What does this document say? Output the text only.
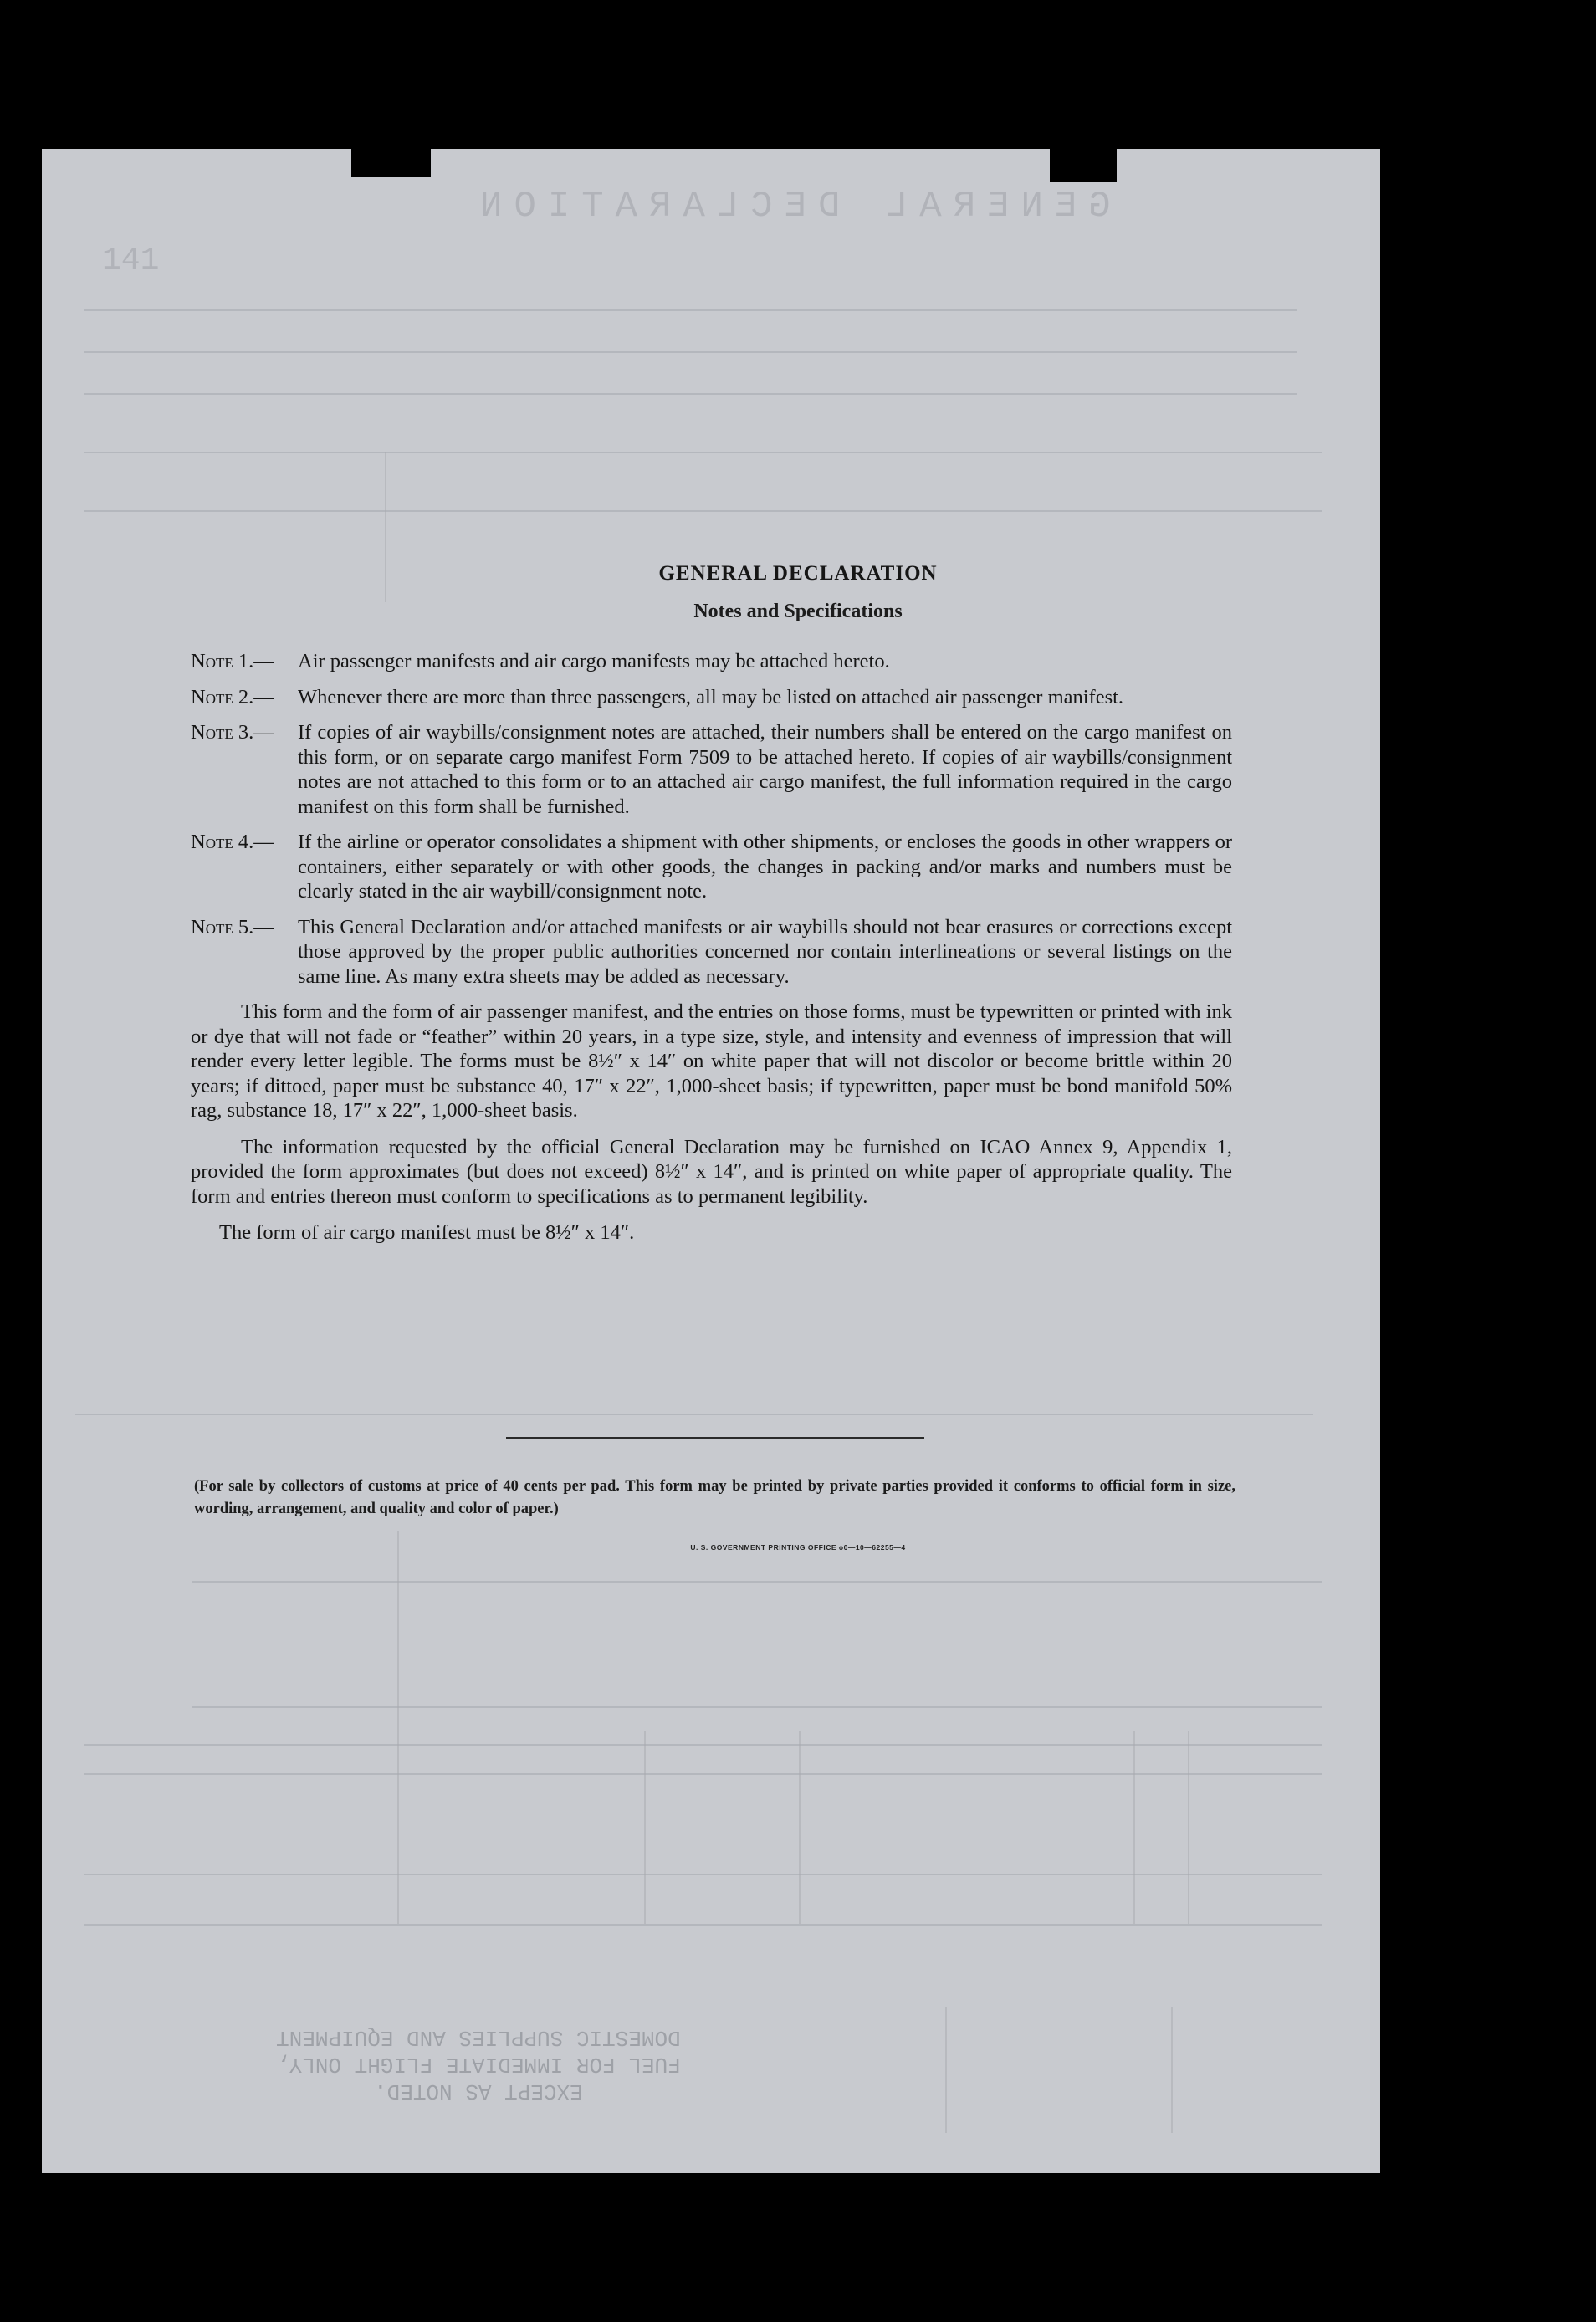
GENERAL DECLARATION
141
EXCEPT AS NOTED.
FUEL FOR IMMEDIATE FLIGHT ONLY,
DOMESTIC SUPPLIES AND EQUIPMENT
GENERAL DECLARATION
Notes and Specifications
Note 1.—	Air passenger manifests and air cargo manifests may be attached hereto.
Note 2.—	Whenever there are more than three passengers, all may be listed on attached air passenger manifest.
Note 3.—	If copies of air waybills/consignment notes are attached, their numbers shall be entered on the cargo manifest on this form, or on separate cargo manifest Form 7509 to be attached hereto. If copies of air waybills/consignment notes are not attached to this form or to an attached air cargo manifest, the full information required in the cargo manifest on this form shall be furnished.
Note 4.—	If the airline or operator consolidates a shipment with other shipments, or encloses the goods in other wrappers or containers, either separately or with other goods, the changes in packing and/or marks and numbers must be clearly stated in the air waybill/consignment note.
Note 5.—	This General Declaration and/or attached manifests or air waybills should not bear erasures or corrections except those approved by the proper public authorities concerned nor contain interlineations or several listings on the same line. As many extra sheets may be added as necessary.
This form and the form of air passenger manifest, and the entries on those forms, must be typewritten or printed with ink or dye that will not fade or “feather” within 20 years, in a type size, style, and intensity and evenness of impression that will render every letter legible. The forms must be 8½″ x 14″ on white paper that will not discolor or become brittle within 20 years; if dittoed, paper must be substance 40, 17″ x 22″, 1,000-sheet basis; if typewritten, paper must be bond manifold 50% rag, substance 18, 17″ x 22″, 1,000-sheet basis.
The information requested by the official General Declaration may be furnished on ICAO Annex 9, Appendix 1, provided the form approximates (but does not exceed) 8½″ x 14″, and is printed on white paper of appropriate quality. The form and entries thereon must conform to specifications as to permanent legibility.
The form of air cargo manifest must be 8½″ x 14″.
(For sale by collectors of customs at price of 40 cents per pad. This form may be printed by private parties provided it conforms to official form in size, wording, arrangement, and quality and color of paper.)
U. S. GOVERNMENT PRINTING OFFICE o0—10—62255—4
